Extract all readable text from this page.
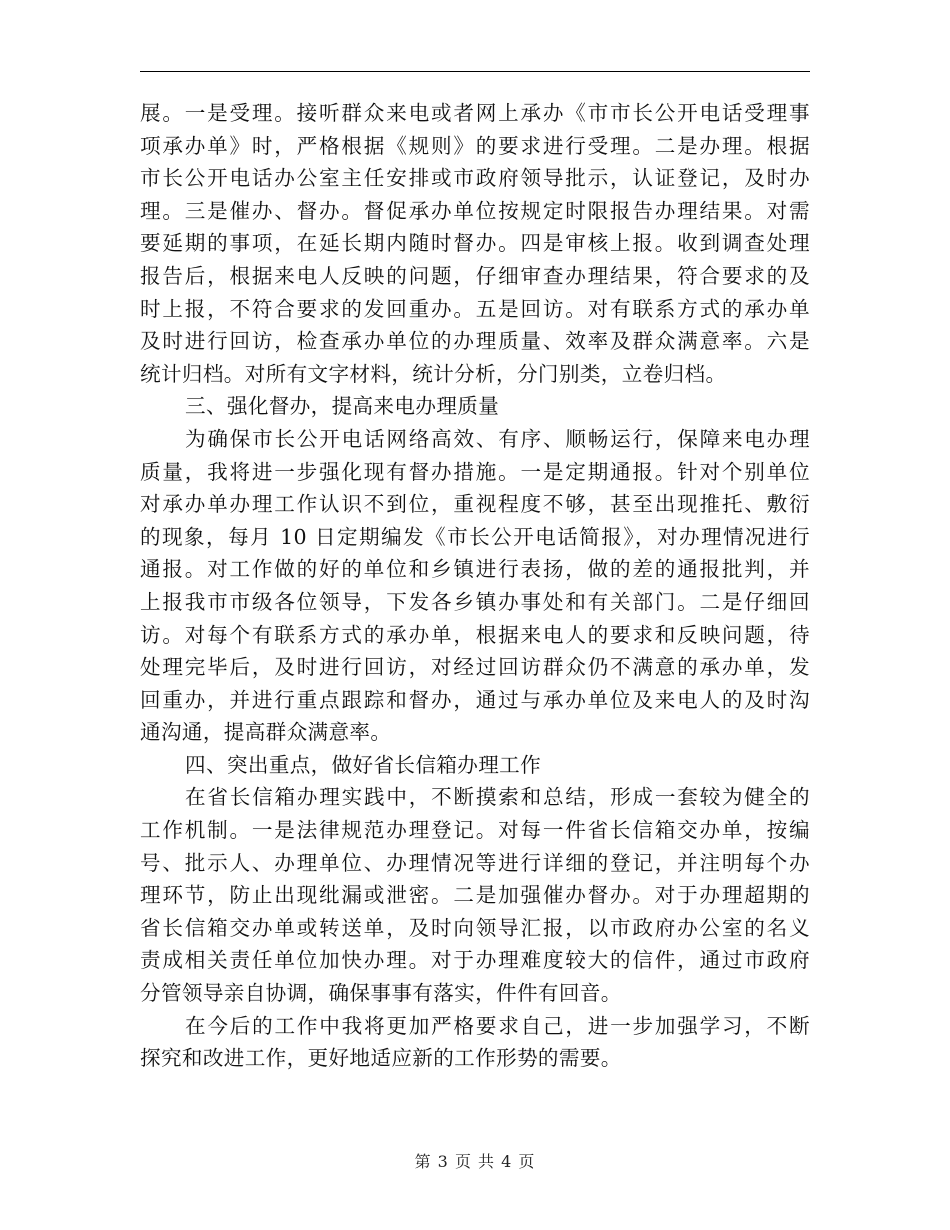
展。一是受理。接听群众来电或者网上承办《市市长公开电话受理事
项承办单》时，严格根据《规则》的要求进行受理。二是办理。根据
市长公开电话办公室主任安排或市政府领导批示，认证登记，及时办
理。三是催办、督办。督促承办单位按规定时限报告办理结果。对需
要延期的事项，在延长期内随时督办。四是审核上报。收到调查处理
报告后，根据来电人反映的问题，仔细审查办理结果，符合要求的及
时上报，不符合要求的发回重办。五是回访。对有联系方式的承办单
及时进行回访，检查承办单位的办理质量、效率及群众满意率。六是
统计归档。对所有文字材料，统计分析，分门别类，立卷归档。
三、强化督办，提高来电办理质量
为确保市长公开电话网络高效、有序、顺畅运行，保障来电办理
质量，我将进一步强化现有督办措施。一是定期通报。针对个别单位
对承办单办理工作认识不到位，重视程度不够，甚至出现推托、敷衍
的现象，每月 10 日定期编发《市长公开电话简报》，对办理情况进行
通报。对工作做的好的单位和乡镇进行表扬，做的差的通报批判，并
上报我市市级各位领导，下发各乡镇办事处和有关部门。二是仔细回
访。对每个有联系方式的承办单，根据来电人的要求和反映问题，待
处理完毕后，及时进行回访，对经过回访群众仍不满意的承办单，发
回重办，并进行重点跟踪和督办，通过与承办单位及来电人的及时沟
通沟通，提高群众满意率。
四、突出重点，做好省长信箱办理工作
在省长信箱办理实践中，不断摸索和总结，形成一套较为健全的
工作机制。一是法律规范办理登记。对每一件省长信箱交办单，按编
号、批示人、办理单位、办理情况等进行详细的登记，并注明每个办
理环节，防止出现纰漏或泄密。二是加强催办督办。对于办理超期的
省长信箱交办单或转送单，及时向领导汇报，以市政府办公室的名义
责成相关责任单位加快办理。对于办理难度较大的信件，通过市政府
分管领导亲自协调，确保事事有落实，件件有回音。
在今后的工作中我将更加严格要求自己，进一步加强学习，不断
探究和改进工作，更好地适应新的工作形势的需要。
第 3 页 共 4 页
